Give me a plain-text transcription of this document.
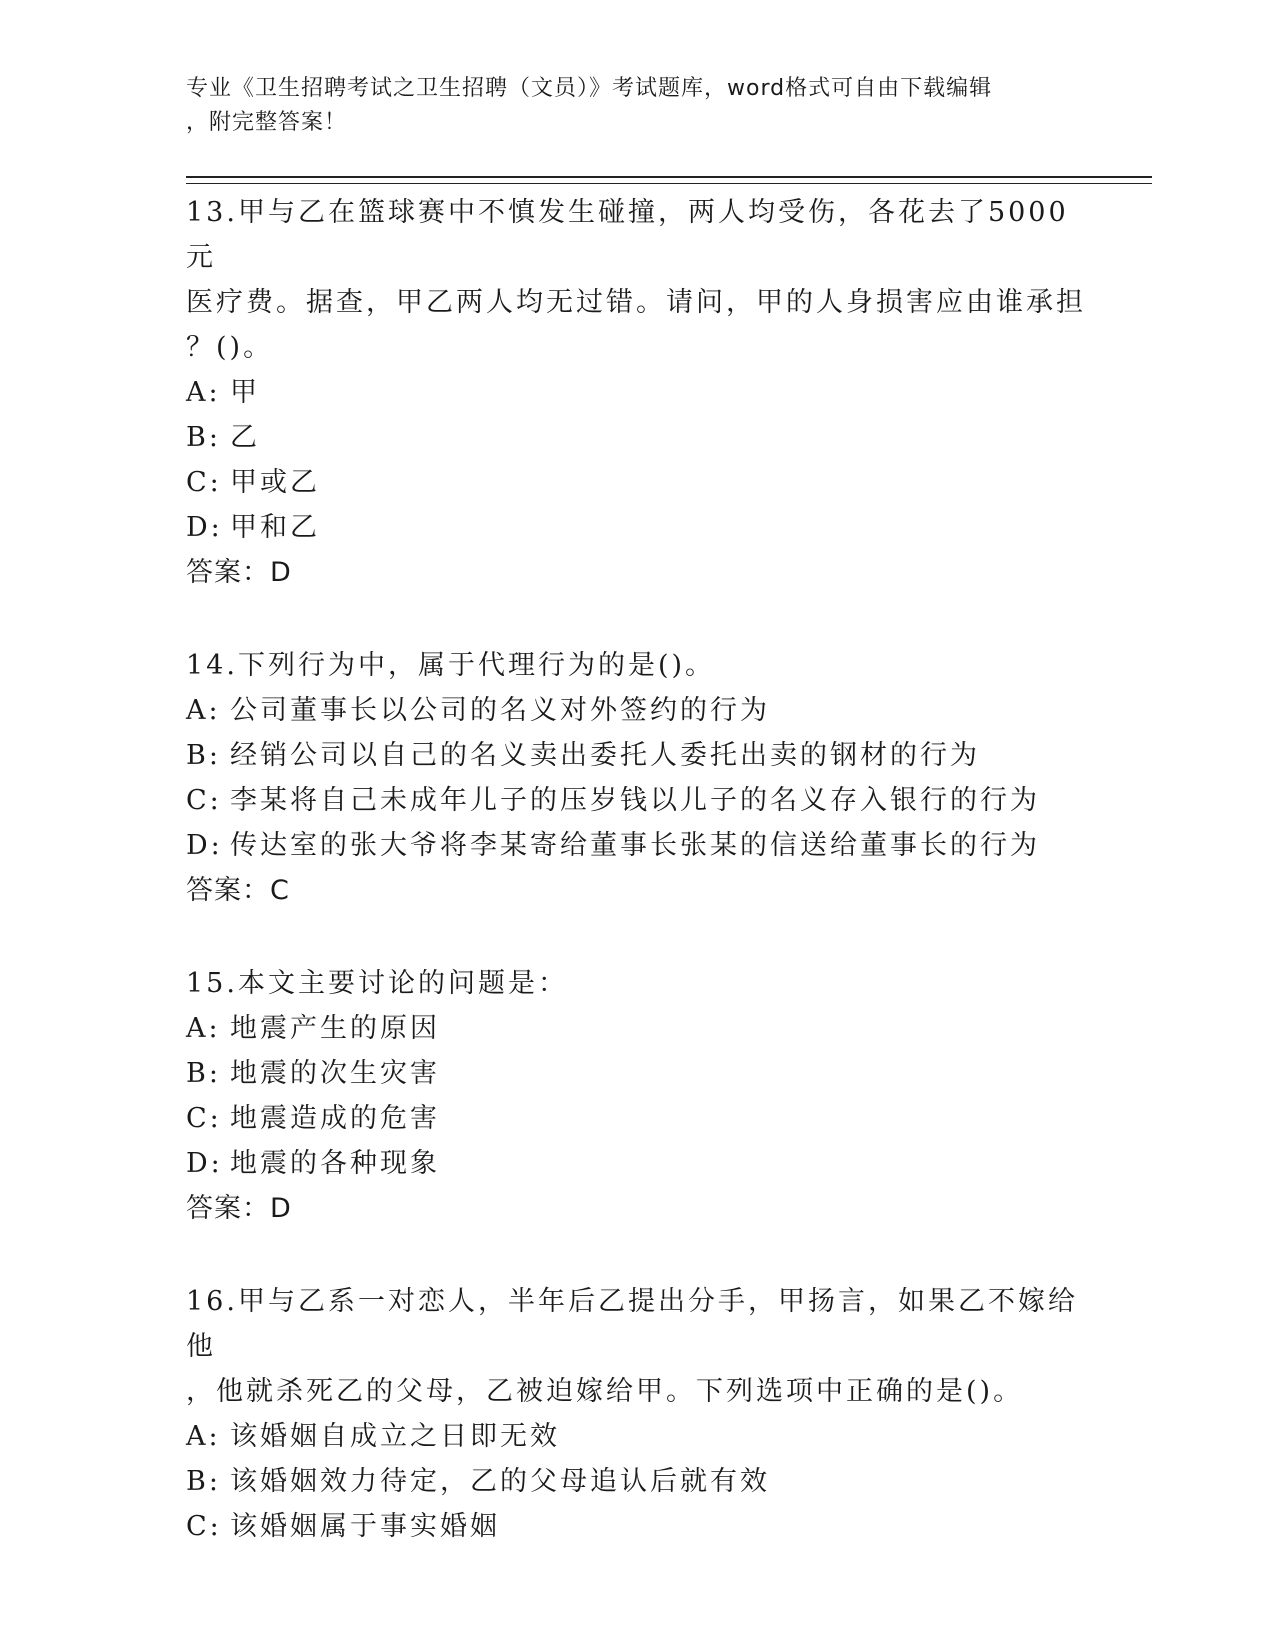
专业《卫生招聘考试之卫生招聘（文员）》考试题库，word格式可自由下载编辑
，附完整答案！
13.甲与乙在篮球赛中不慎发生碰撞，两人均受伤，各花去了5000元
医疗费。据查，甲乙两人均无过错。请问，甲的人身损害应由谁承担
？()。
A: 甲
B: 乙
C: 甲或乙
D: 甲和乙
答案：D
14.下列行为中，属于代理行为的是()。
A: 公司董事长以公司的名义对外签约的行为
B: 经销公司以自己的名义卖出委托人委托出卖的钢材的行为
C: 李某将自己未成年儿子的压岁钱以儿子的名义存入银行的行为
D: 传达室的张大爷将李某寄给董事长张某的信送给董事长的行为
答案：C
15.本文主要讨论的问题是：
A: 地震产生的原因
B: 地震的次生灾害
C: 地震造成的危害
D: 地震的各种现象
答案：D
16.甲与乙系一对恋人，半年后乙提出分手，甲扬言，如果乙不嫁给他
，他就杀死乙的父母，乙被迫嫁给甲。下列选项中正确的是()。
A: 该婚姻自成立之日即无效
B: 该婚姻效力待定，乙的父母追认后就有效
C: 该婚姻属于事实婚姻
